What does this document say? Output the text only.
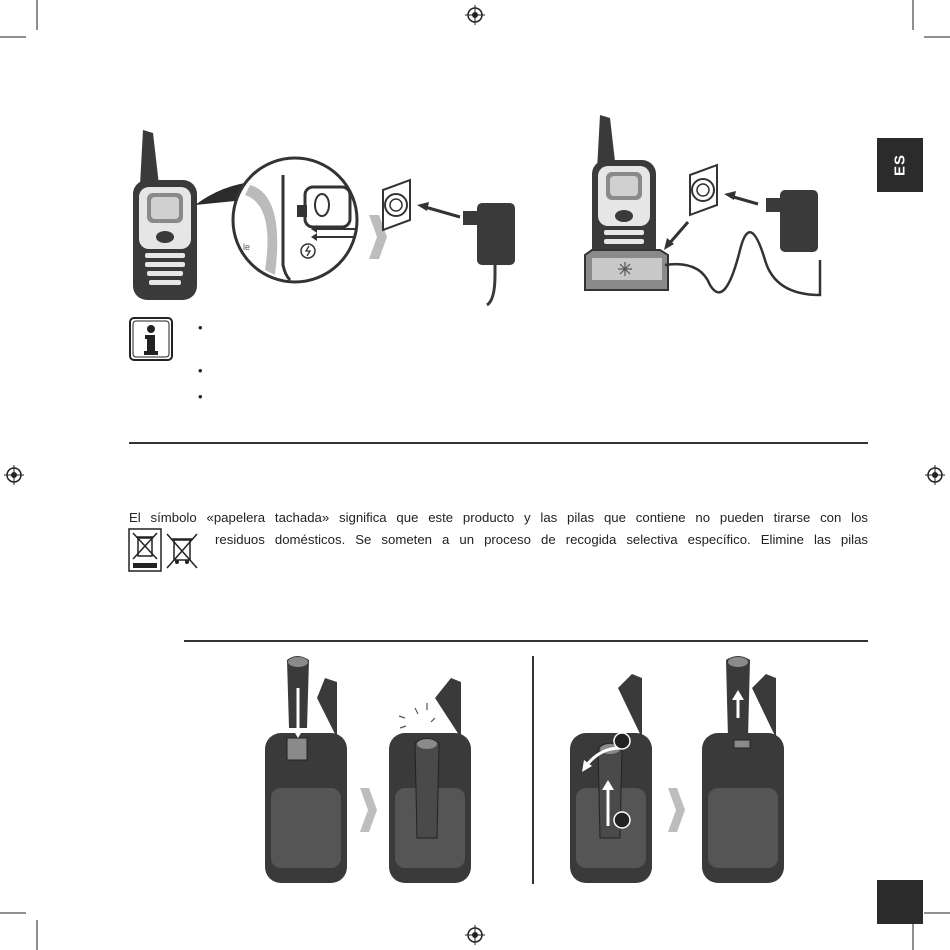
ES
le
•
•
•
El símbolo «papelera tachada» significa que este producto y las pilas que contiene no pueden tirarse con los
residuos domésticos. Se someten a un proceso de recogida selectiva específico. Elimine las pilas
